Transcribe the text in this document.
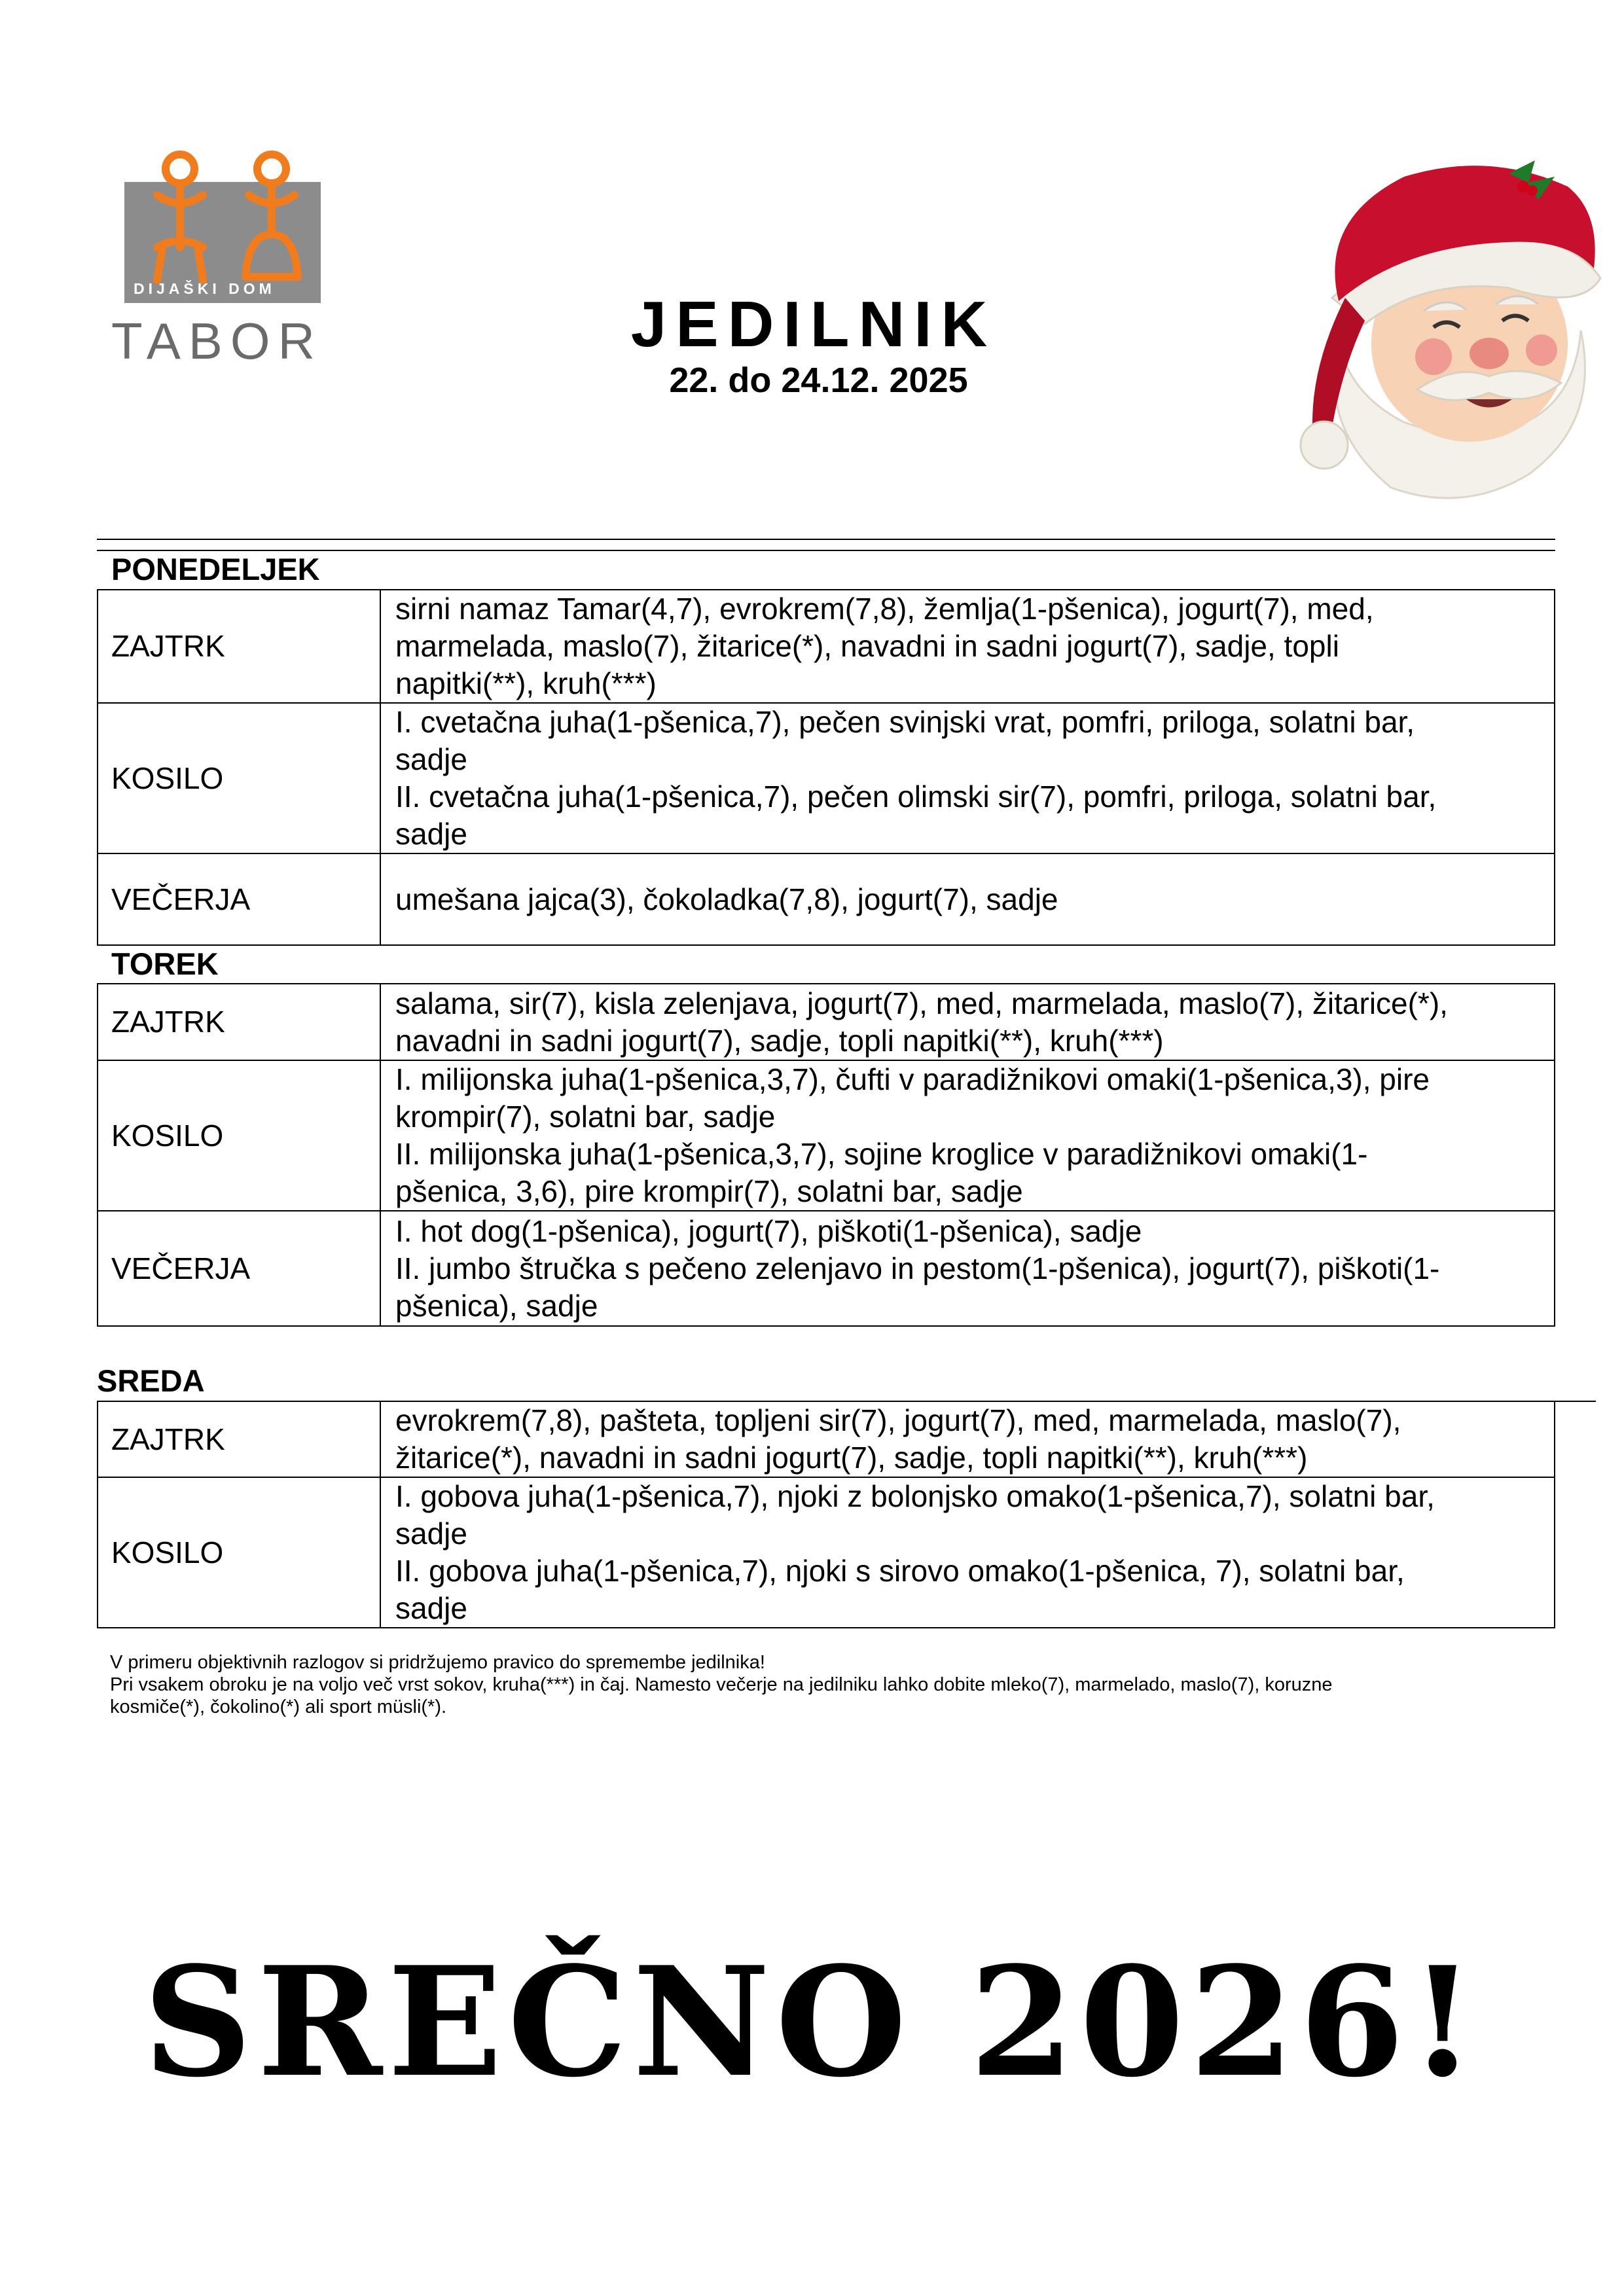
DIJAŠKI DOM
TABOR	JEDILNIK

22. do 24.12. 2025

PONEDELJEK
ZAJTRK	sirni namaz Tamar(4,7), evrokrem(7,8), žemlja(1-pšenica), jogurt(7), med,
marmelada, maslo(7), žitarice(*), navadni in sadni jogurt(7), sadje, topli
napitki(**), kruh(***)

KOSILO	I. cvetačna juha(1-pšenica,7), pečen svinjski vrat, pomfri, priloga, solatni bar,
sadje
II. cvetačna juha(1-pšenica,7), pečen olimski sir(7), pomfri, priloga, solatni bar,
sadje

VEČERJA	umešana jajca(3), čokoladka(7,8), jogurt(7), sadje
TOREK
ZAJTRK	salama, sir(7), kisla zelenjava, jogurt(7), med, marmelada, maslo(7), žitarice(*),
navadni in sadni jogurt(7), sadje, topli napitki(**), kruh(***)

KOSILO	I. milijonska juha(1-pšenica,3,7), čufti v paradižnikovi omaki(1-pšenica,3), pire
krompir(7), solatni bar, sadje
II. milijonska juha(1-pšenica,3,7), sojine kroglice v paradižnikovi omaki(1-
pšenica, 3,6), pire krompir(7), solatni bar, sadje

VEČERJA	I. hot dog(1-pšenica), jogurt(7), piškoti(1-pšenica), sadje
II. jumbo štručka s pečeno zelenjavo in pestom(1-pšenica), jogurt(7), piškoti(1-
pšenica), sadje
SREDA
ZAJTRK	evrokrem(7,8), pašteta, topljeni sir(7), jogurt(7), med, marmelada, maslo(7),
žitarice(*), navadni in sadni jogurt(7), sadje, topli napitki(**), kruh(***)

KOSILO	I. gobova juha(1-pšenica,7), njoki z bolonjsko omako(1-pšenica,7), solatni bar,
sadje
II. gobova juha(1-pšenica,7), njoki s sirovo omako(1-pšenica, 7), solatni bar,
sadje

V primeru objektivnih razlogov si pridržujemo pravico do spremembe jedilnika!

Pri vsakem obroku je na voljo več vrst sokov, kruha(***) in čaj. Namesto večerje na jedilniku lahko dobite mleko(7), marmelado, maslo(7), koruzne

kosmiče(*), čokolino(*) ali sport müsli(*).

SREČNO 2026!
